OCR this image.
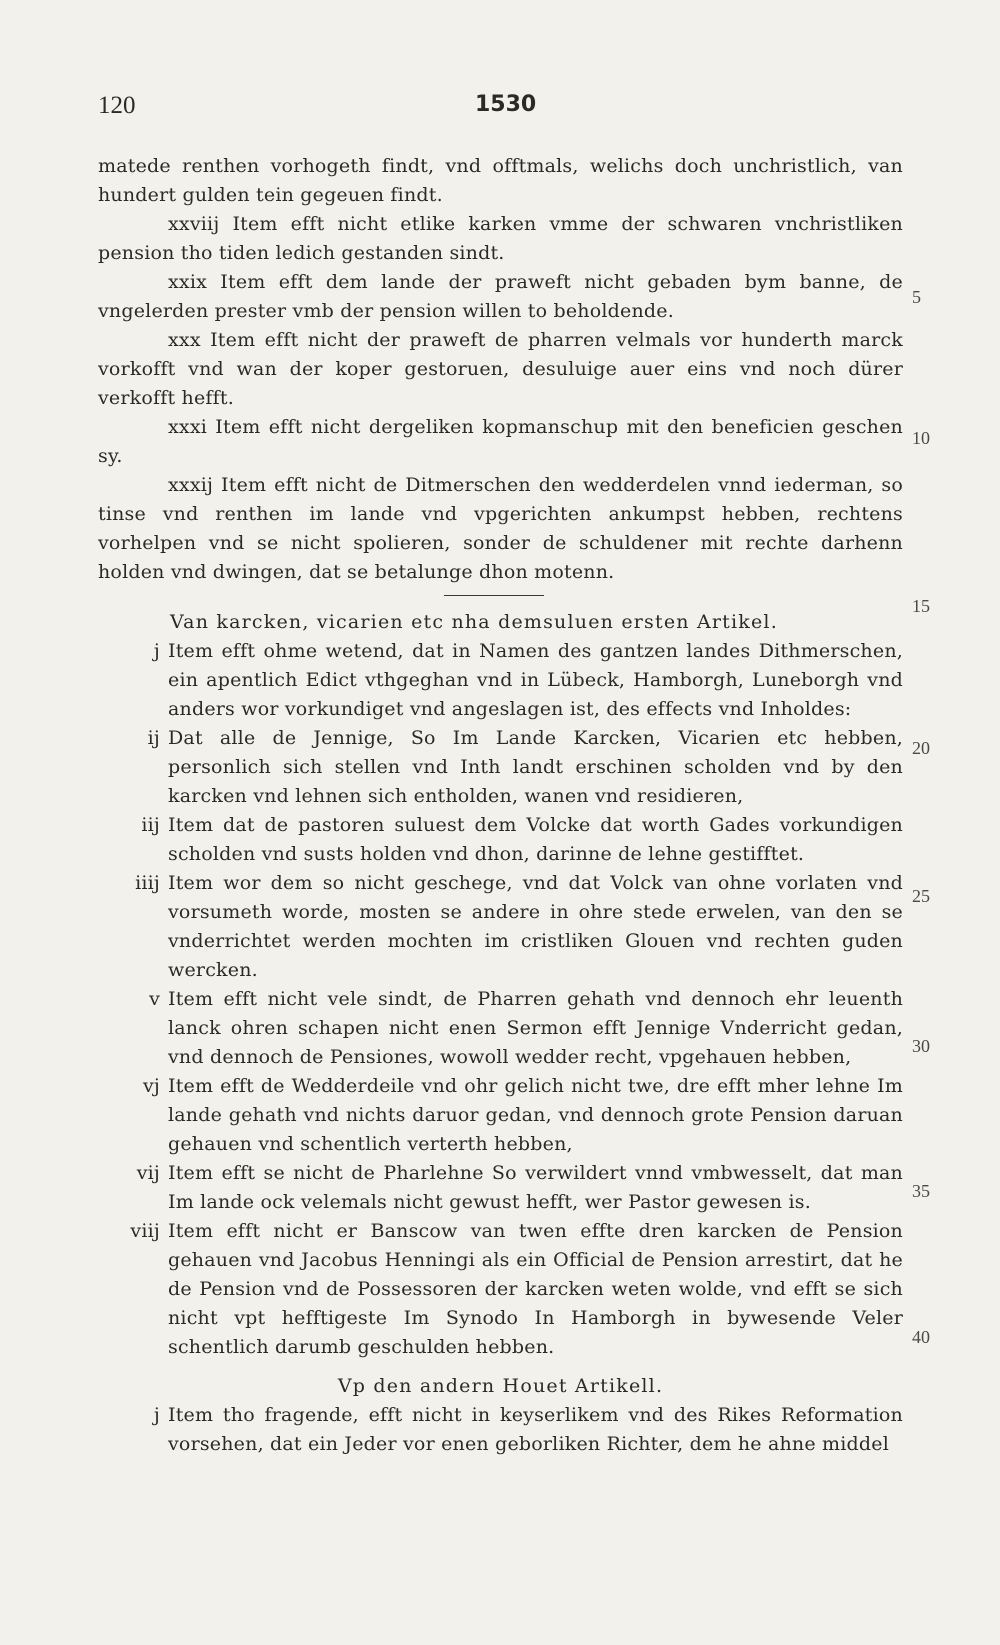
120	1530

matede renthen vorhogeth findt, vnd offtmals, welichs doch unchristlich, van hundert gulden tein gegeuen findt.

xxviij Item efft nicht etlike karken vmme der schwaren vnchristliken pension tho tiden ledich gestanden sindt.

xxix Item efft dem lande der praweft nicht gebaden bym banne, de vngelerden prester vmb der pension willen to beholdende.

xxx Item efft nicht der praweft de pharren velmals vor hunderth marck vorkofft vnd wan der koper gestoruen, desuluige auer eins vnd noch dürer verkofft hefft.

xxxi Item efft nicht dergeliken kopmanschup mit den beneficien geschen sy.

xxxij Item efft nicht de Ditmerschen den wedderdelen vnnd iederman, so tinse vnd renthen im lande vnd vpgerichten ankumpst hebben, rechtens vorhelpen vnd se nicht spolieren, sonder de schuldener mit rechte darhenn holden vnd dwingen, dat se betalunge dhon motenn.

Van karcken, vicarien etc nha demsuluen ersten Artikel.

j Item efft ohme wetend, dat in Namen des gantzen landes Dithmerschen, ein apentlich Edict vthgeghan vnd in Lübeck, Hamborgh, Luneborgh vnd anders wor vorkundiget vnd angeslagen ist, des effects vnd Inholdes:
ij Dat alle de Jennige, So Im Lande Karcken, Vicarien etc hebben, personlich sich stellen vnd Inth landt erschinen scholden vnd by den karcken vnd lehnen sich entholden, wanen vnd residieren,
iij Item dat de pastoren suluest dem Volcke dat worth Gades vorkundigen scholden vnd susts holden vnd dhon, darinne de lehne gestifftet.
iiij Item wor dem so nicht geschege, vnd dat Volck van ohne vorlaten vnd vorsumeth worde, mosten se andere in ohre stede erwelen, van den se vnderrichtet werden mochten im cristliken Glouen vnd rechten guden wercken.
v Item efft nicht vele sindt, de Pharren gehath vnd dennoch ehr leuenth lanck ohren schapen nicht enen Sermon efft Jennige Vnderricht gedan, vnd dennoch de Pensiones, wowoll wedder recht, vpgehauen hebben,
vj Item efft de Wedderdeile vnd ohr gelich nicht twe, dre efft mher lehne Im lande gehath vnd nichts daruor gedan, vnd dennoch grote Pension daruan gehauen vnd schentlich verterth hebben,
vij Item efft se nicht de Pharlehne So verwildert vnnd vmbwesselt, dat man Im lande ock velemals nicht gewust hefft, wer Pastor gewesen is.
viij Item efft nicht er Banscow van twen effte dren karcken de Pension gehauen vnd Jacobus Henningi als ein Official de Pension arrestirt, dat he de Pension vnd de Possessoren der karcken weten wolde, vnd efft se sich nicht vpt hefftigeste Im Synodo In Hamborgh in bywesende Veler schentlich darumb geschulden hebben.

Vp den andern Houet Artikell.

j Item tho fragende, efft nicht in keyserlikem vnd des Rikes Reformation vorsehen, dat ein Jeder vor enen geborliken Richter, dem he ahne middel
5
10
15
20
25
30
35
40
